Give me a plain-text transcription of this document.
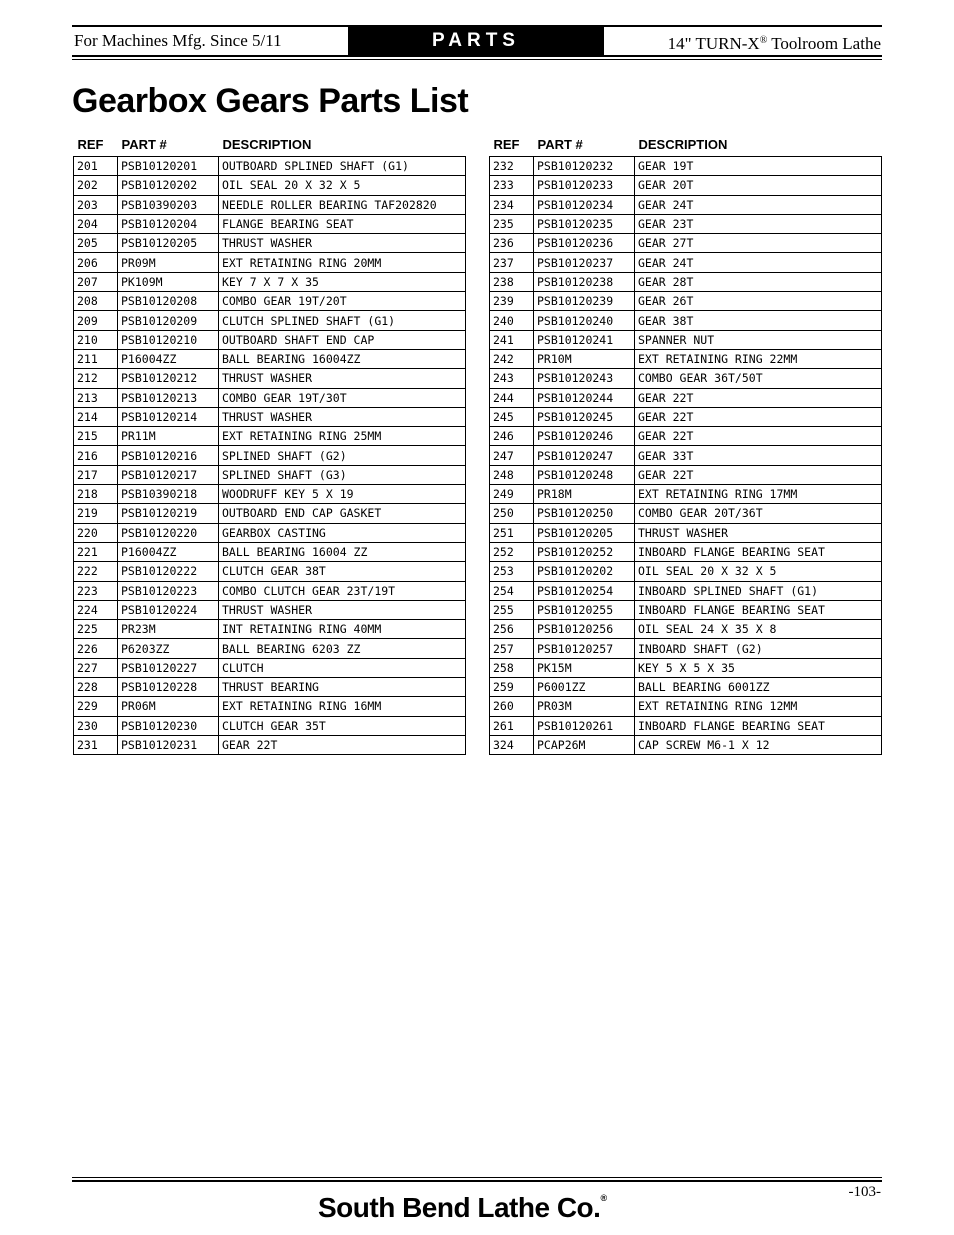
For Machines Mfg. Since 5/11	PARTS	14" TURN-X® Toolroom Lathe
Gearbox Gears Parts List
REF	PART #	DESCRIPTION
201	PSB10120201	OUTBOARD SPLINED SHAFT (G1)
202	PSB10120202	OIL SEAL 20 X 32 X 5
203	PSB10390203	NEEDLE ROLLER BEARING TAF202820
204	PSB10120204	FLANGE BEARING SEAT
205	PSB10120205	THRUST WASHER
206	PR09M	EXT RETAINING RING 20MM
207	PK109M	KEY 7 X 7 X 35
208	PSB10120208	COMBO GEAR 19T/20T
209	PSB10120209	CLUTCH SPLINED SHAFT (G1)
210	PSB10120210	OUTBOARD SHAFT END CAP
211	P16004ZZ	BALL BEARING 16004ZZ
212	PSB10120212	THRUST WASHER
213	PSB10120213	COMBO GEAR 19T/30T
214	PSB10120214	THRUST WASHER
215	PR11M	EXT RETAINING RING 25MM
216	PSB10120216	SPLINED SHAFT (G2)
217	PSB10120217	SPLINED SHAFT (G3)
218	PSB10390218	WOODRUFF KEY 5 X 19
219	PSB10120219	OUTBOARD END CAP GASKET
220	PSB10120220	GEARBOX CASTING
221	P16004ZZ	BALL BEARING 16004 ZZ
222	PSB10120222	CLUTCH GEAR 38T
223	PSB10120223	COMBO CLUTCH GEAR 23T/19T
224	PSB10120224	THRUST WASHER
225	PR23M	INT RETAINING RING 40MM
226	P6203ZZ	BALL BEARING 6203 ZZ
227	PSB10120227	CLUTCH
228	PSB10120228	THRUST BEARING
229	PR06M	EXT RETAINING RING 16MM
230	PSB10120230	CLUTCH GEAR 35T
231	PSB10120231	GEAR 22T
REF	PART #	DESCRIPTION
232	PSB10120232	GEAR 19T
233	PSB10120233	GEAR 20T
234	PSB10120234	GEAR 24T
235	PSB10120235	GEAR 23T
236	PSB10120236	GEAR 27T
237	PSB10120237	GEAR 24T
238	PSB10120238	GEAR 28T
239	PSB10120239	GEAR 26T
240	PSB10120240	GEAR 38T
241	PSB10120241	SPANNER NUT
242	PR10M	EXT RETAINING RING 22MM
243	PSB10120243	COMBO GEAR 36T/50T
244	PSB10120244	GEAR 22T
245	PSB10120245	GEAR 22T
246	PSB10120246	GEAR 22T
247	PSB10120247	GEAR 33T
248	PSB10120248	GEAR 22T
249	PR18M	EXT RETAINING RING 17MM
250	PSB10120250	COMBO GEAR 20T/36T
251	PSB10120205	THRUST WASHER
252	PSB10120252	INBOARD FLANGE BEARING SEAT
253	PSB10120202	OIL SEAL 20 X 32 X 5
254	PSB10120254	INBOARD SPLINED SHAFT (G1)
255	PSB10120255	INBOARD FLANGE BEARING SEAT
256	PSB10120256	OIL SEAL 24 X 35 X 8
257	PSB10120257	INBOARD SHAFT (G2)
258	PK15M	KEY 5 X 5 X 35
259	P6001ZZ	BALL BEARING 6001ZZ
260	PR03M	EXT RETAINING RING 12MM
261	PSB10120261	INBOARD FLANGE BEARING SEAT
324	PCAP26M	CAP SCREW M6-1 X 12
South Bend Lathe Co.®	-103-
